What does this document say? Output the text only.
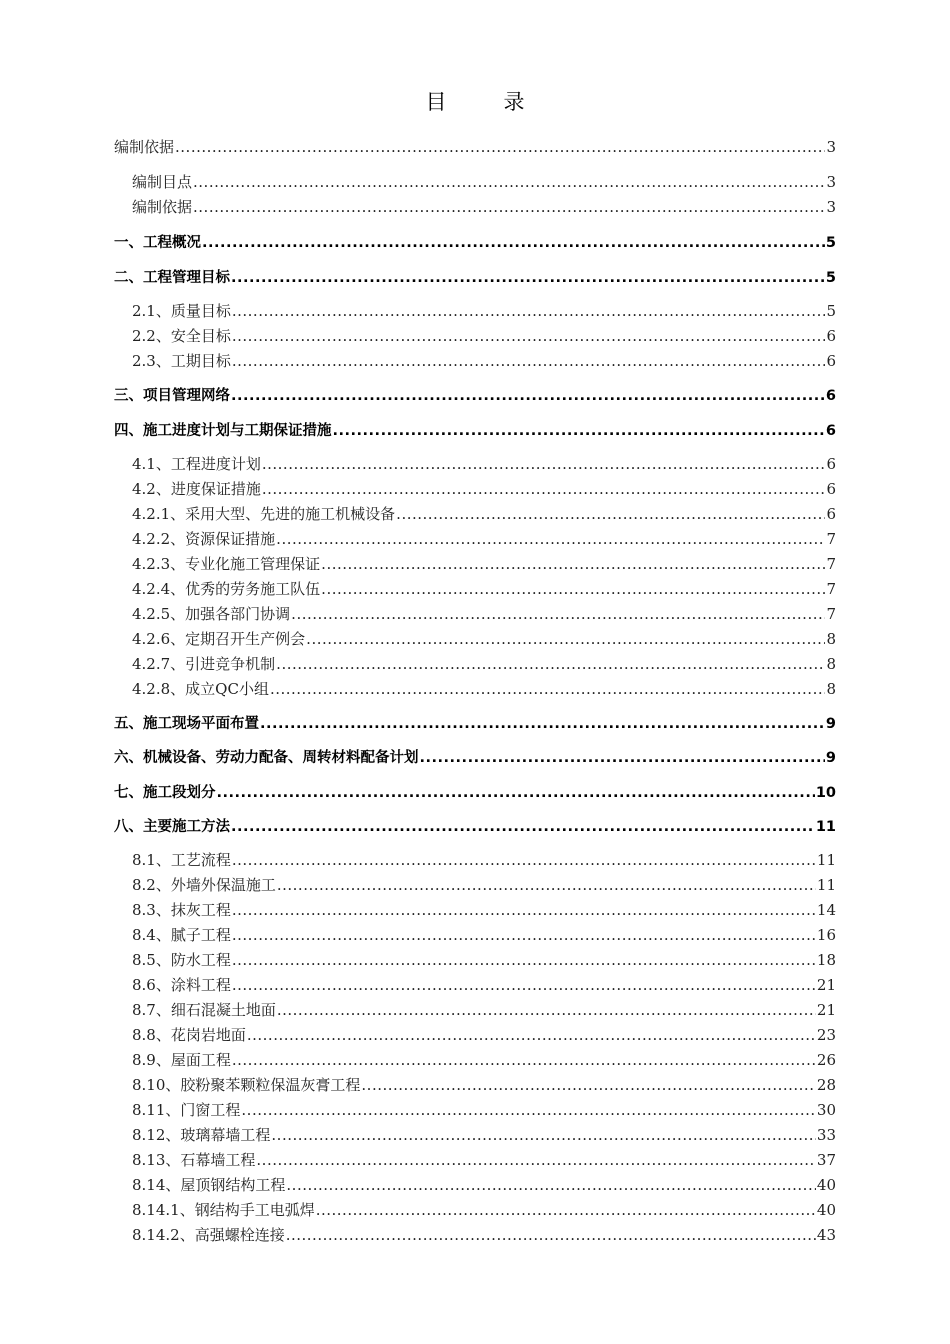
目　录
编制依据 .....	3
编制目点 .....	3
编制依据 .....	3
一、工程概况 .....	5
二、工程管理目标 .....	5
2.1、质量目标 .....	5
2.2、安全目标 .....	6
2.3、工期目标 .....	6
三、项目管理网络 .....	6
四、施工进度计划与工期保证措施 .....	6
4.1、工程进度计划 .....	6
4.2、进度保证措施 .....	6
4.2.1、采用大型、先进的施工机械设备 .....	6
4.2.2、资源保证措施 .....	7
4.2.3、专业化施工管理保证 .....	7
4.2.4、优秀的劳务施工队伍 .....	7
4.2.5、加强各部门协调 .....	7
4.2.6、定期召开生产例会 .....	8
4.2.7、引进竞争机制 .....	8
4.2.8、成立QC小组 .....	8
五、施工现场平面布置 .....	9
六、机械设备、劳动力配备、周转材料配备计划 .....	9
七、施工段划分 .....	10
八、主要施工方法 .....	11
8.1、工艺流程 .....	11
8.2、外墙外保温施工 .....	11
8.3、抹灰工程 .....	14
8.4、腻子工程 .....	16
8.5、防水工程 .....	18
8.6、涂料工程 .....	21
8.7、细石混凝土地面 .....	21
8.8、花岗岩地面 .....	23
8.9、屋面工程 .....	26
8.10、胶粉聚苯颗粒保温灰膏工程 .....	28
8.11、门窗工程 .....	30
8.12、玻璃幕墙工程 .....	33
8.13、石幕墙工程 .....	37
8.14、屋顶钢结构工程 .....	40
8.14.1、钢结构手工电弧焊 .....	40
8.14.2、高强螺栓连接 .....	43
